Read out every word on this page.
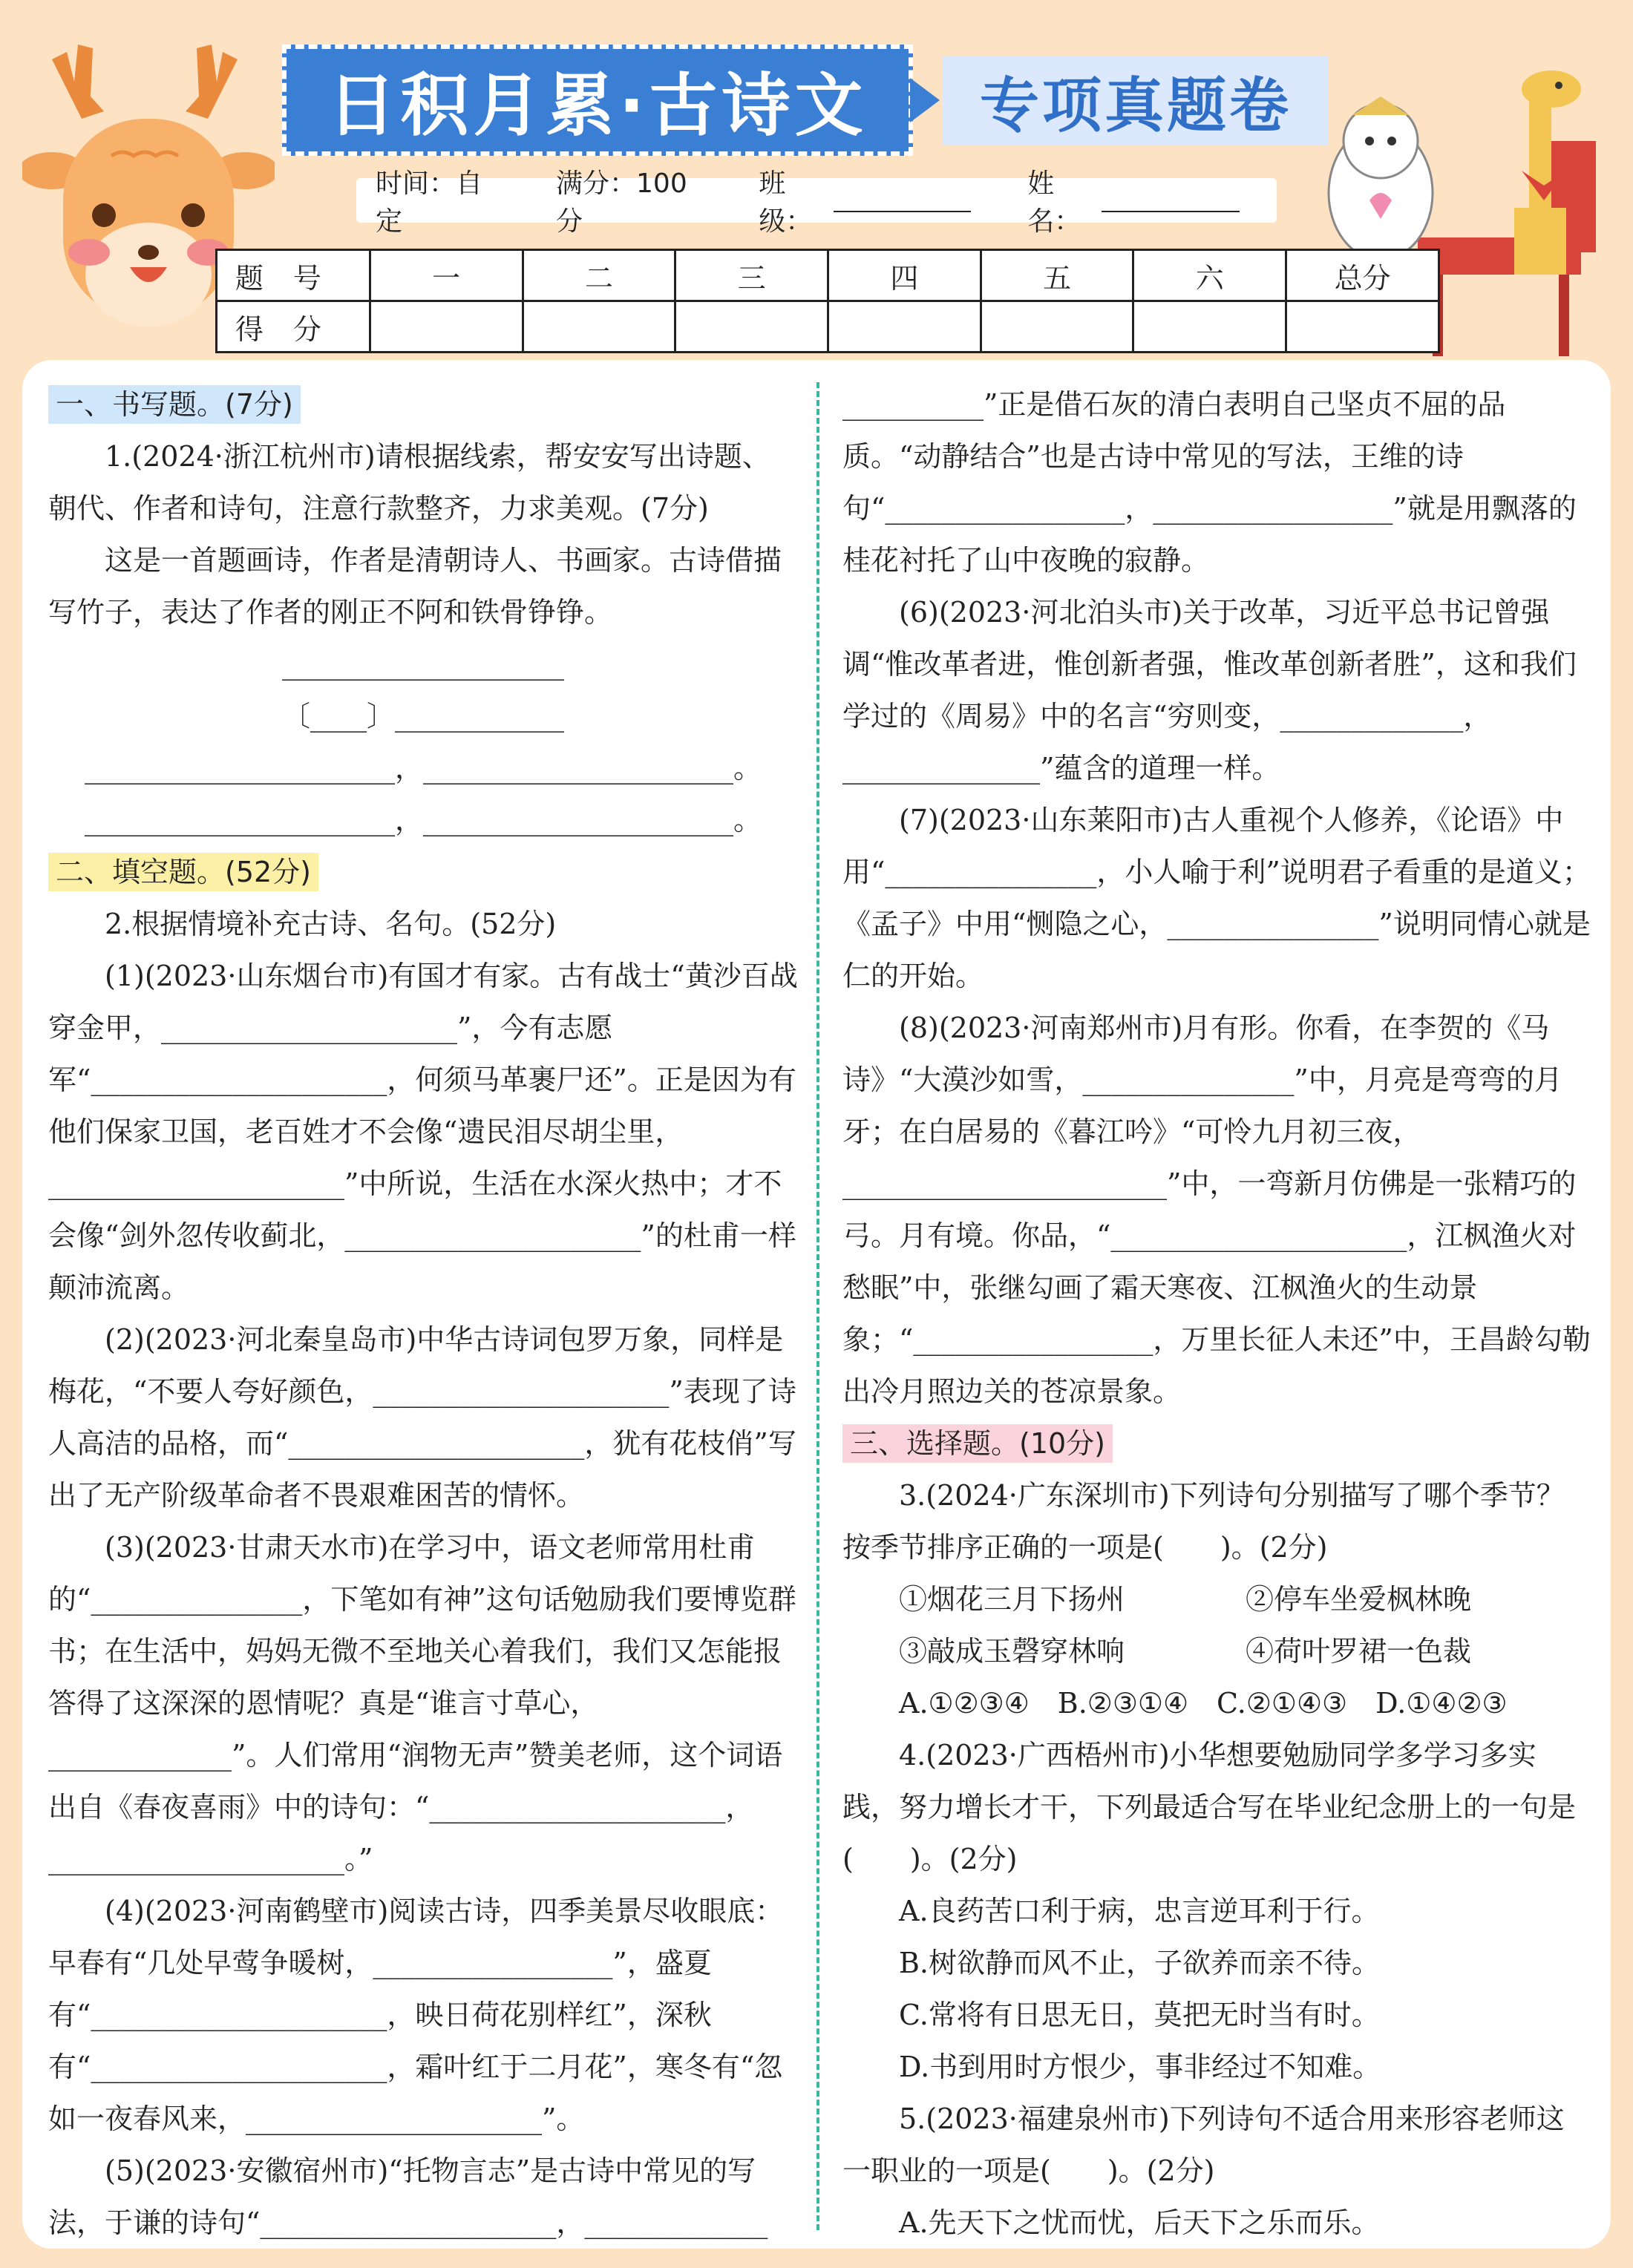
日积月累·古诗文 专项真题卷
时间：自定
满分：100分
班级：
姓名：
题号	一	二	三	四	五	六	总分
得分							
一、书写题。(7分)

1.(2024·浙江杭州市)请根据线索，帮安安写出诗题、朝代、作者和诗句，注意行款整齐，力求美观。(7分)

这是一首题画诗，作者是清朝诗人、书画家。古诗借描写竹子，表达了作者的刚正不阿和铁骨铮铮。

____________________

〔____〕____________

______________________，______________________。

______________________，______________________。

二、填空题。(52分)

2.根据情境补充古诗、名句。(52分)

(1)(2023·山东烟台市)有国才有家。古有战士“黄沙百战穿金甲，_____________________”，今有志愿军“_____________________，何须马革裹尸还”。正是因为有他们保家卫国，老百姓才不会像“遗民泪尽胡尘里，_____________________”中所说，生活在水深火热中；才不会像“剑外忽传收蓟北，_____________________”的杜甫一样颠沛流离。

(2)(2023·河北秦皇岛市)中华古诗词包罗万象，同样是梅花，“不要人夸好颜色，_____________________”表现了诗人高洁的品格，而“_____________________，犹有花枝俏”写出了无产阶级革命者不畏艰难困苦的情怀。

(3)(2023·甘肃天水市)在学习中，语文老师常用杜甫的“_______________，下笔如有神”这句话勉励我们要博览群书；在生活中，妈妈无微不至地关心着我们，我们又怎能报答得了这深深的恩情呢？真是“谁言寸草心，_____________”。人们常用“润物无声”赞美老师，这个词语出自《春夜喜雨》中的诗句：“_____________________，_____________________。”

(4)(2023·河南鹤壁市)阅读古诗，四季美景尽收眼底：早春有“几处早莺争暖树，_________________”，盛夏有“_____________________，映日荷花别样红”，深秋有“_____________________，霜叶红于二月花”，寒冬有“忽如一夜春风来，_____________________”。

(5)(2023·安徽宿州市)“托物言志”是古诗中常见的写法，于谦的诗句“_____________________，_____________

__________”正是借石灰的清白表明自己坚贞不屈的品质。“动静结合”也是古诗中常见的写法，王维的诗句“_________________，_________________”就是用飘落的桂花衬托了山中夜晚的寂静。

(6)(2023·河北泊头市)关于改革，习近平总书记曾强调“惟改革者进，惟创新者强，惟改革创新者胜”，这和我们学过的《周易》中的名言“穷则变，_____________，______________”蕴含的道理一样。

(7)(2023·山东莱阳市)古人重视个人修养，《论语》中用“_______________，小人喻于利”说明君子看重的是道义；《孟子》中用“恻隐之心，_______________”说明同情心就是仁的开始。

(8)(2023·河南郑州市)月有形。你看，在李贺的《马诗》“大漠沙如雪，_______________”中，月亮是弯弯的月牙；在白居易的《暮江吟》“可怜九月初三夜，_______________________”中，一弯新月仿佛是一张精巧的弓。月有境。你品，“_____________________，江枫渔火对愁眠”中，张继勾画了霜天寒夜、江枫渔火的生动景象；“_________________，万里长征人未还”中，王昌龄勾勒出冷月照边关的苍凉景象。

三、选择题。(10分)

3.(2024·广东深圳市)下列诗句分别描写了哪个季节？按季节排序正确的一项是(　　)。(2分)

①烟花三月下扬州	②停车坐爱枫林晚
③敲成玉磬穿林响	④荷叶罗裙一色裁

A.①②③④　B.②③①④　C.②①④③　D.①④②③

4.(2023·广西梧州市)小华想要勉励同学多学习多实践，努力增长才干，下列最适合写在毕业纪念册上的一句是(　　)。(2分)

A.良药苦口利于病，忠言逆耳利于行。

B.树欲静而风不止，子欲养而亲不待。

C.常将有日思无日，莫把无时当有时。

D.书到用时方恨少，事非经过不知难。

5.(2023·福建泉州市)下列诗句不适合用来形容老师这一职业的一项是(　　)。(2分)

A.先天下之忧而忧，后天下之乐而乐。
